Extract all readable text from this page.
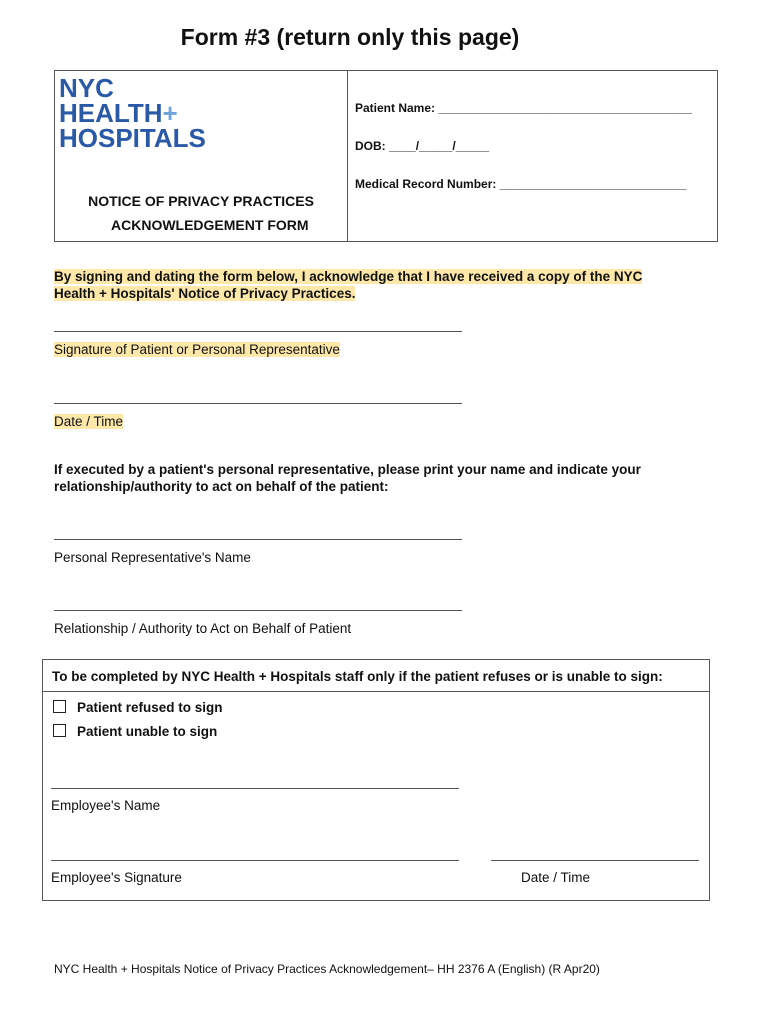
Form #3 (return only this page)
NYC
HEALTH+
HOSPITALS
NOTICE OF PRIVACY PRACTICES
ACKNOWLEDGEMENT FORM
Patient Name: ______________________________________
DOB: ____/_____/_____
Medical Record Number: ____________________________
By signing and dating the form below, I acknowledge that I have received a copy of the NYC
Health + Hospitals' Notice of Privacy Practices.
Signature of Patient or Personal Representative
Date / Time
If executed by a patient's personal representative, please print your name and indicate your
relationship/authority to act on behalf of the patient:
Personal Representative's Name
Relationship / Authority to Act on Behalf of Patient
To be completed by NYC Health + Hospitals staff only if the patient refuses or is unable to sign:
Patient refused to sign
Patient unable to sign
Employee's Name
Employee's Signature	Date / Time
NYC Health + Hospitals Notice of Privacy Practices Acknowledgement– HH 2376 A (English) (R Apr20)
